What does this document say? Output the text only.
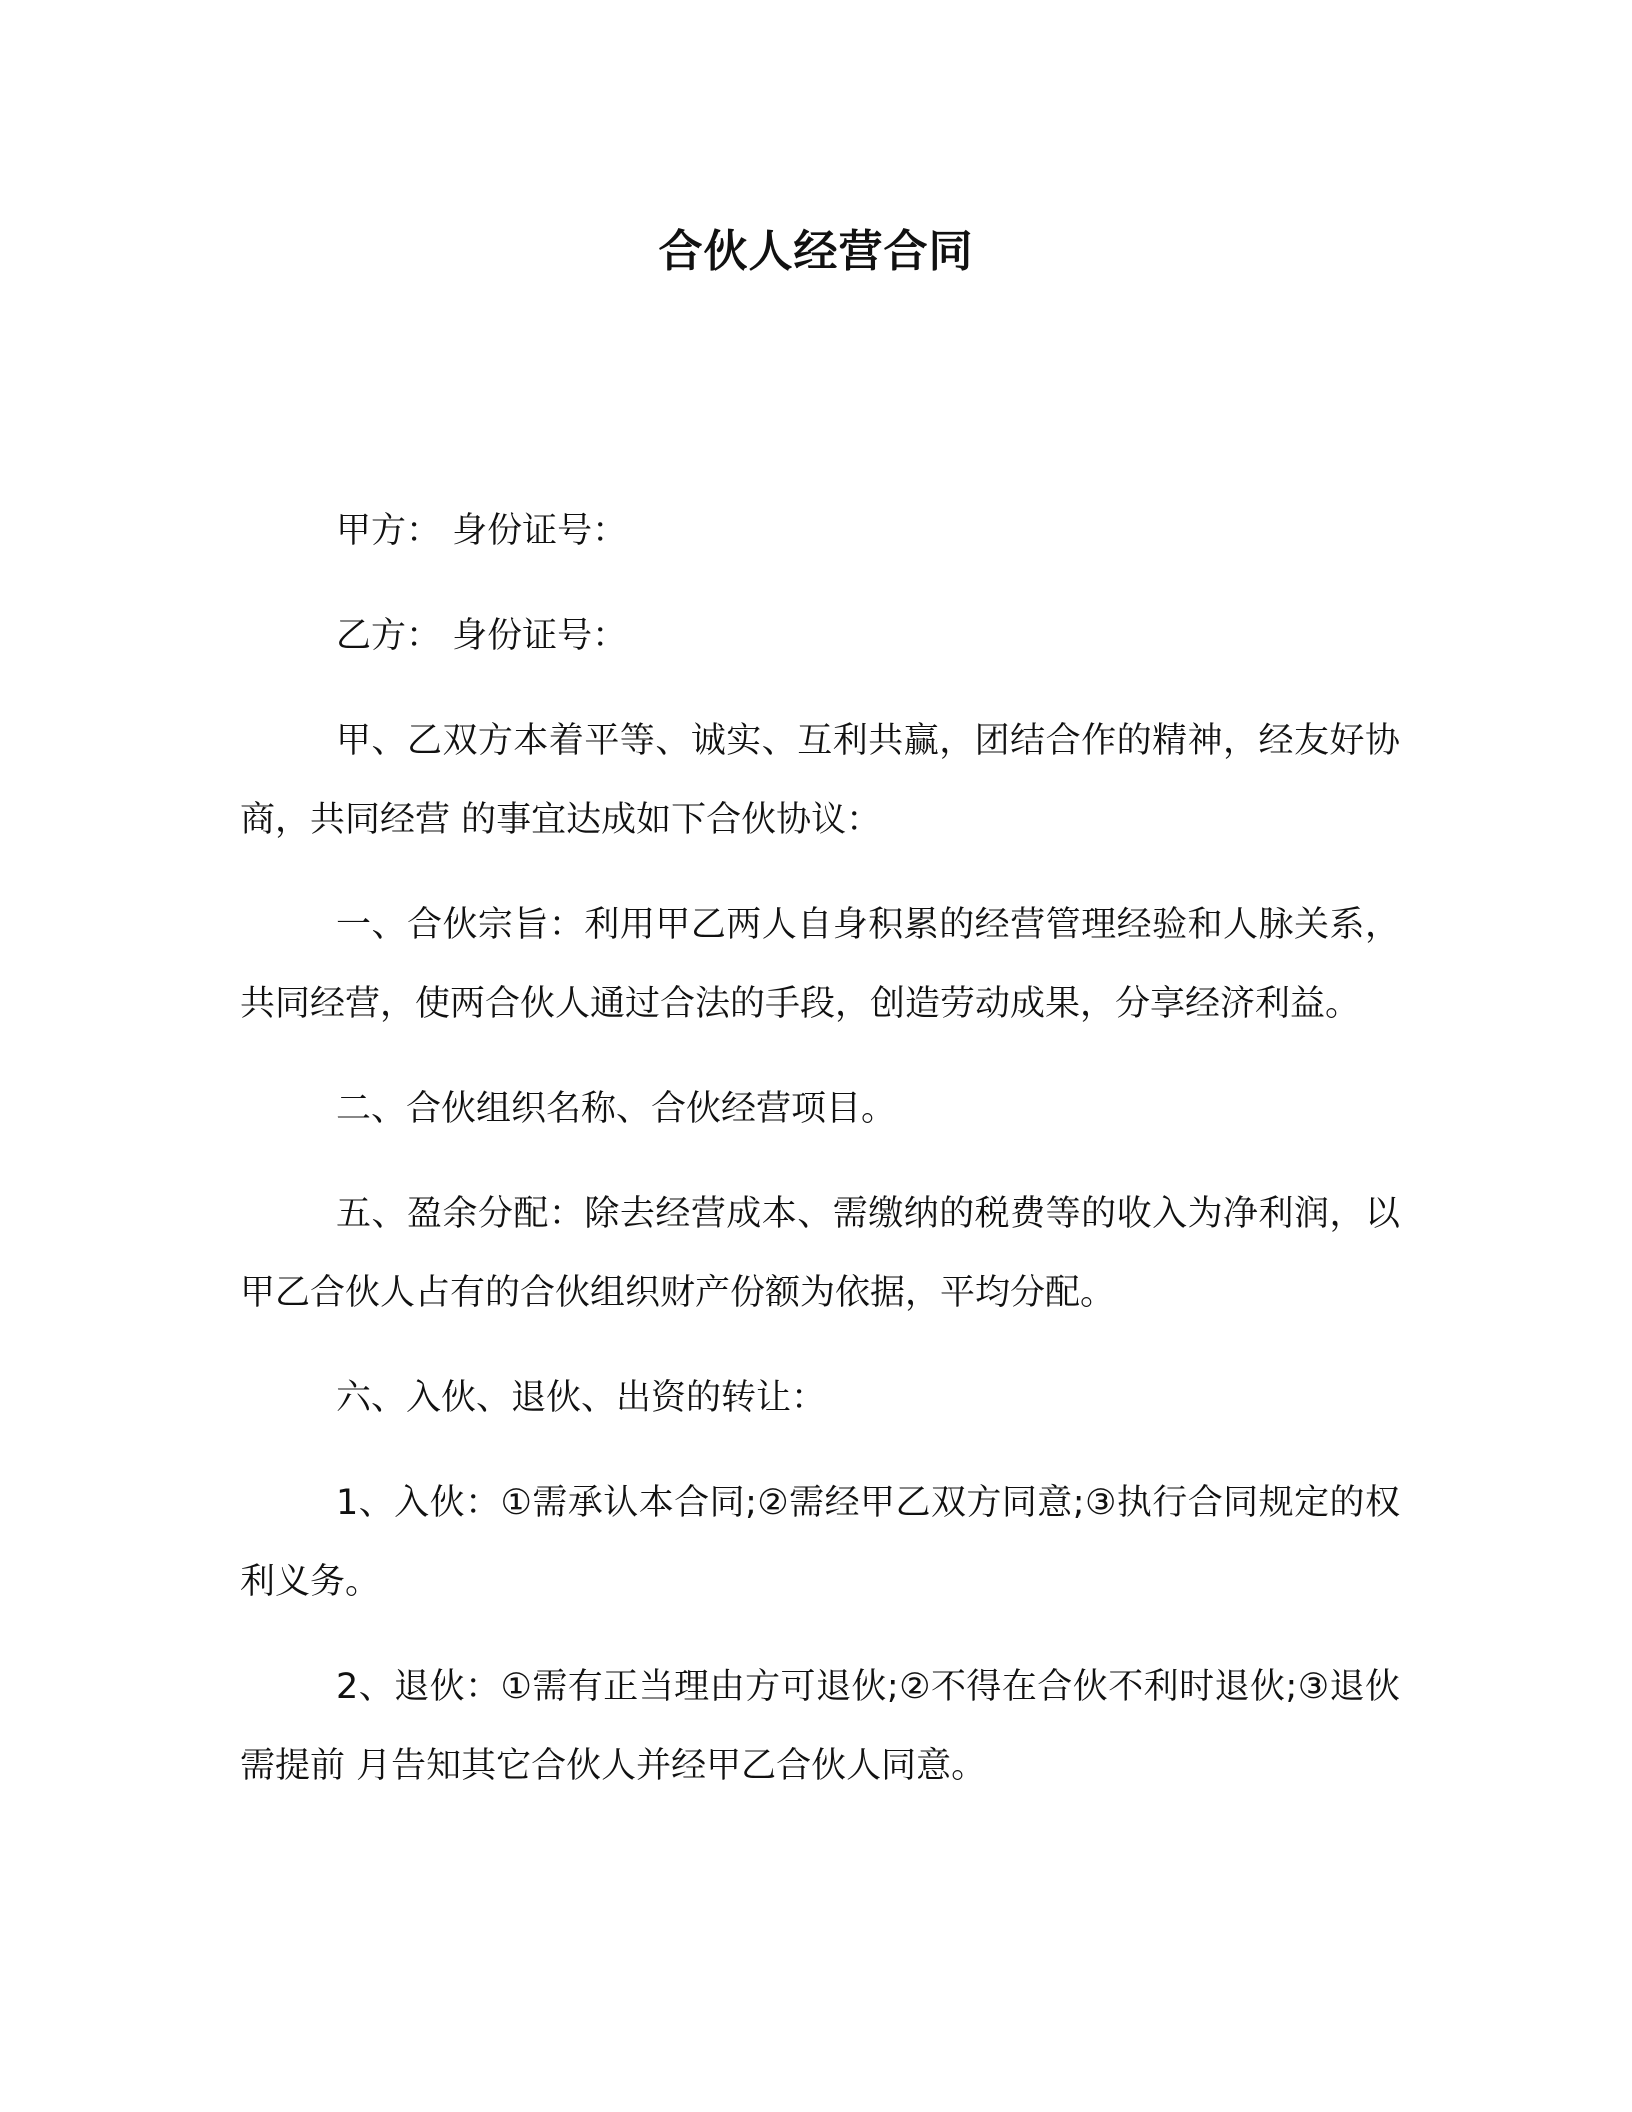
合伙人经营合同

甲方： 身份证号：

乙方： 身份证号：

甲、乙双方本着平等、诚实、互利共赢，团结合作的精神，经友好协商，共同经营 的事宜达成如下合伙协议：

一、合伙宗旨：利用甲乙两人自身积累的经营管理经验和人脉关系，共同经营，使两合伙人通过合法的手段，创造劳动成果，分享经济利益。

二、合伙组织名称、合伙经营项目。

五、盈余分配：除去经营成本、需缴纳的税费等的收入为净利润，以甲乙合伙人占有的合伙组织财产份额为依据，平均分配。

六、入伙、退伙、出资的转让：

1、入伙：①需承认本合同;②需经甲乙双方同意;③执行合同规定的权利义务。

2、退伙：①需有正当理由方可退伙;②不得在合伙不利时退伙;③退伙需提前 月告知其它合伙人并经甲乙合伙人同意。
